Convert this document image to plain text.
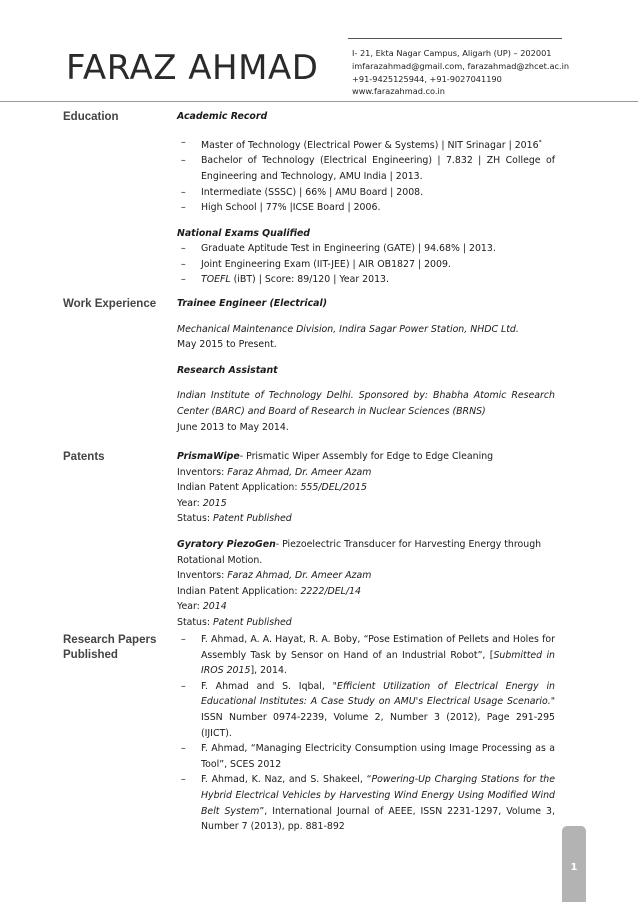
FARAZ AHMAD	I- 21, Ekta Nagar Campus, Aligarh (UP) – 202001
imfarazahmad@gmail.com, farazahmad@zhcet.ac.in
+91-9425125944, +91-9027041190
www.farazahmad.co.in
Education	Academic Record
– Master of Technology (Electrical Power & Systems) | NIT Srinagar | 2016*
– Bachelor of Technology (Electrical Engineering) | 7.832 | ZH College of Engineering and Technology, AMU India | 2013.
– Intermediate (SSSC) | 66% | AMU Board | 2008.
– High School | 77% |ICSE Board | 2006.
National Exams Qualified
– Graduate Aptitude Test in Engineering (GATE) | 94.68% | 2013.
– Joint Engineering Exam (IIT-JEE) | AIR OB1827 | 2009.
– TOEFL (iBT) | Score: 89/120 | Year 2013.
Work Experience	Trainee Engineer (Electrical)
Mechanical Maintenance Division, Indira Sagar Power Station, NHDC Ltd.
May 2015 to Present.
Research Assistant
Indian Institute of Technology Delhi. Sponsored by: Bhabha Atomic Research Center (BARC) and Board of Research in Nuclear Sciences (BRNS)
June 2013 to May 2014.
Patents	PrismaWipe- Prismatic Wiper Assembly for Edge to Edge Cleaning
Inventors: Faraz Ahmad, Dr. Ameer Azam
Indian Patent Application: 555/DEL/2015
Year: 2015
Status: Patent Published
Gyratory PiezoGen- Piezoelectric Transducer for Harvesting Energy through Rotational Motion.
Inventors: Faraz Ahmad, Dr. Ameer Azam
Indian Patent Application: 2222/DEL/14
Year: 2014
Status: Patent Published
Research Papers
Published
– F. Ahmad, A. A. Hayat, R. A. Boby, “Pose Estimation of Pellets and Holes for Assembly Task by Sensor on Hand of an Industrial Robot”, [Submitted in IROS 2015], 2014.
– F. Ahmad and S. Iqbal, "Efficient Utilization of Electrical Energy in Educational Institutes: A Case Study on AMU's Electrical Usage Scenario." ISSN Number 0974-2239, Volume 2, Number 3 (2012), Page 291-295 (IJICT).
– F. Ahmad, “Managing Electricity Consumption using Image Processing as a Tool”, SCES 2012
– F. Ahmad, K. Naz, and S. Shakeel, “Powering-Up Charging Stations for the Hybrid Electrical Vehicles by Harvesting Wind Energy Using Modified Wind Belt System”, International Journal of AEEE, ISSN 2231-1297, Volume 3, Number 7 (2013), pp. 881-892
1
